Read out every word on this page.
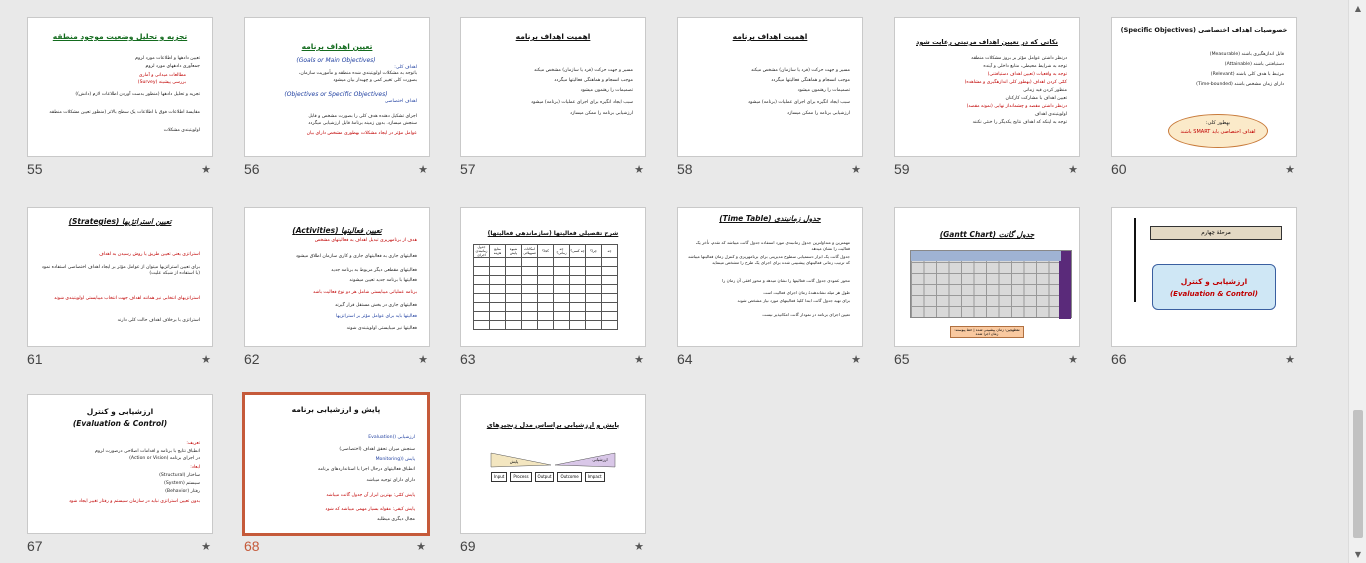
تجزیه و تحلیل وضعیت موجود منطقه
تعیین دادهها و اطلاعات مورد لزوم
جمعآوری دادههای مورد لزوم
مطالعات میدانی و آماری
بررسی پیشینه (Survey)
تجزیه و تحلیل دادهها (منظور بدست آوردن اطلاعات لازم (دانش))
مقایسهٔ اطلاعات فوق با اطلاعات یک سطح بالاتر (منظور تعیین مشکلات منطقه
اولویتبندی مشکلات
55	★
تعیین اهداف برنامه
(Goals or Main Objectives)
اهداف کلی:
باتوجه به مشکلات اولویتبندی شده منطقه و مأموریت سازمان،
بصورت کلی تغییر کمی و چهبدار بیان میشود
(Objectives or Specific Objectives)
اهداف اختصاصی
اجزای تشکیل دهنده هدف کلی را بصورت مشخص و قابل
سنجش میسازد. بدون زمینه برنامهٔ قابل ارزشیابی میگردد
عوامل مؤثر در ایجاد مشکلات بهطوری مشخص دارای بیان
56	★
اهمیت اهداف برنامه
مسیر و جهت حرکت (فرد یا سازمان) مشخص میکند
موجب انسجام و هماهنگی فعالیتها میگردد
تصمیمات را رهنمون میشود
سبب ایجاد انگیزه برای اجرای عملیات (برنامه) میشود
ارزشیابی برنامه را ممکن میسازد
57	★
اهمیت اهداف برنامه
مسیر و جهت حرکت (فرد یا سازمان) مشخص میکند
موجب انسجام و هماهنگی فعالیتها میگردد
تصمیمات را رهنمون میشود
سبب ایجاد انگیزه برای اجرای عملیات (برنامه) میشود
ارزشیابی برنامه را ممکن میسازد
58	★
نکاتی که در تعیین اهداف مرتبتی رعایت شود
درنظر داشتن عوامل مؤثر بر بروز مشکلات منطقه
توجه به شرایط محیطی، منابع داخلی و آینده
توجه به واقعیات (تعیین اهداف دستیافتنی)
کمّی کردن اهداف (بهطور کلی اندازهگیری و مشاهده)
منظور کردن قید زمانی
تعیین اهداف با مشارکت کارکنان
درنظر داشتن مقصد و چشمانداز نهایی (نمونه مقصد)
اولویتبندی اهداف
توجه به اینکه که اهداف نتایج یکدیگر را خنثی نکنند
59	★
خصوصیات اهداف اختصاصی (Specific Objectives)
قابل اندازهگیری باشند (Measurable)
دستیافتنی باشند (Attainable)
مرتبط با هدف کلی باشند (Relevant)
دارای زمان مشخص باشند (Time-bounded)
بهطور کلی:
اهداف اختصاصی باید SMART باشند
60	★
تعیین استراتژیها (Strategies)
استراتژی یعنی تعیین طریق یا روش رسیدن به اهداف
برای تعیین استراتژیها میتوان از عوامل مؤثر بر ایجاد اهداف اختصاصی استفاده نمود (با استفاده از شبکه علیت)
استراتژیهای انتخابی نیز همانند اهداف جهت انتخاب میبایستی اولویتبندی شوند
استراتژی با برخلاف اهداف حالت کلی دارند
61	★
تعیین فعالیتها (Activities)
هدف از برنامهریزی تبدیل اهداف به فعالیتهای مشخص
فعالیتهای جاری به فعالیتهای جاری و کاری سازمان اطلاق میشود
فعالیتهای مقطعی دیگر مربوط به برنامه جدید
فعالیتها با برنامه جدید تعیین میشوند
برنامه عملیاتی میبایستی شامل هر دو نوع فعالیت باشد
فعالیتهای جاری در بخش مستقل قرار گیرند
فعالیتها باید برای عوامل مؤثر بر استراتژیها
فعالیتها نیز میبایستی اولویتبندی شوند
62	★
شرح تفصیلی فعالیتها (سازماندهی فعالیتها)
چه	چرا؟	چه کسی؟	چه زمانی؟	کجا؟	امکانات تسهیلاتی	شیوه پایش	منابع هزینه	جدول زمانبندی اجرای

63	★
جدول زمانبندی (Time Table)
مهمترین و متداولترین جدول زمانبندی مورد استفاده جدول گانت میباشد که تقدم، تأخر یک فعالیت را نشان میدهد
جدول گانت یک ابزار دستمیابی سطوح مدیریتی برای برنامهریزی و کنترل زمان فعالیتها میباشد که ترتیب زمانی فعالیتهای پیشبینی شده برای اجرای یک طرح را مشخص مینماید
محور عمودی جدول گانت فعالیتها را نشان میدهد و محور افقی آن زمان را
طول هر میله نشاندهندهٔ زمان اجرای فعالیت است
برای تهیه جدول گانت ابتدا کلیهٔ فعالیتهای مورد نیاز مشخص شوند
تعیین اجرای برنامه در نمودار گانت امکانپذیر نیست
64	★
جدول گانت (Gantt Chart)
نقطهچین: زمان پیشبینی شده | خط پیوسته: زمان اجرا شده
65	★
مرحلهٔ چهارم
ارزشیابی و کنترل
(Evaluation & Control)
66	★
ارزشیابی و کنترل
(Evaluation & Control)
تعریف:
انطباق نتایج با برنامه و اقدامات اصلاحی درصورت لزوم
در اجرای برنامه (Action or Vision)
ابعاد:
ساختار (Structural)
سیستم (System)
رفتار (Behavior)
بدون تعیین استراتژی نباید در سازمان سیستم و رفتار تغییر ایجاد شود
67	★
پایش و ارزشیابی برنامه
ارزشیابی ((Evaluation
سنجش میزان تحقق اهداف (اختصاصی)
پایش ((Monitoring
انطباق فعالیتهای درحال اجرا با استانداردهای برنامه
دارای دارای توجیه میباشد
پایش کمّی: بهترین ابزار آن جدول گانت میباشد
پایش کیفی: مقوله بسیار مهمی میباشد که شود
مجال دیگری میطلبد
68	★
پایش و ارزشیابی براساس مدل زنجیرهای
پایش	ارزشیابی
Input	Process	Output	Outcome	Impact
69	★
▲
▼
